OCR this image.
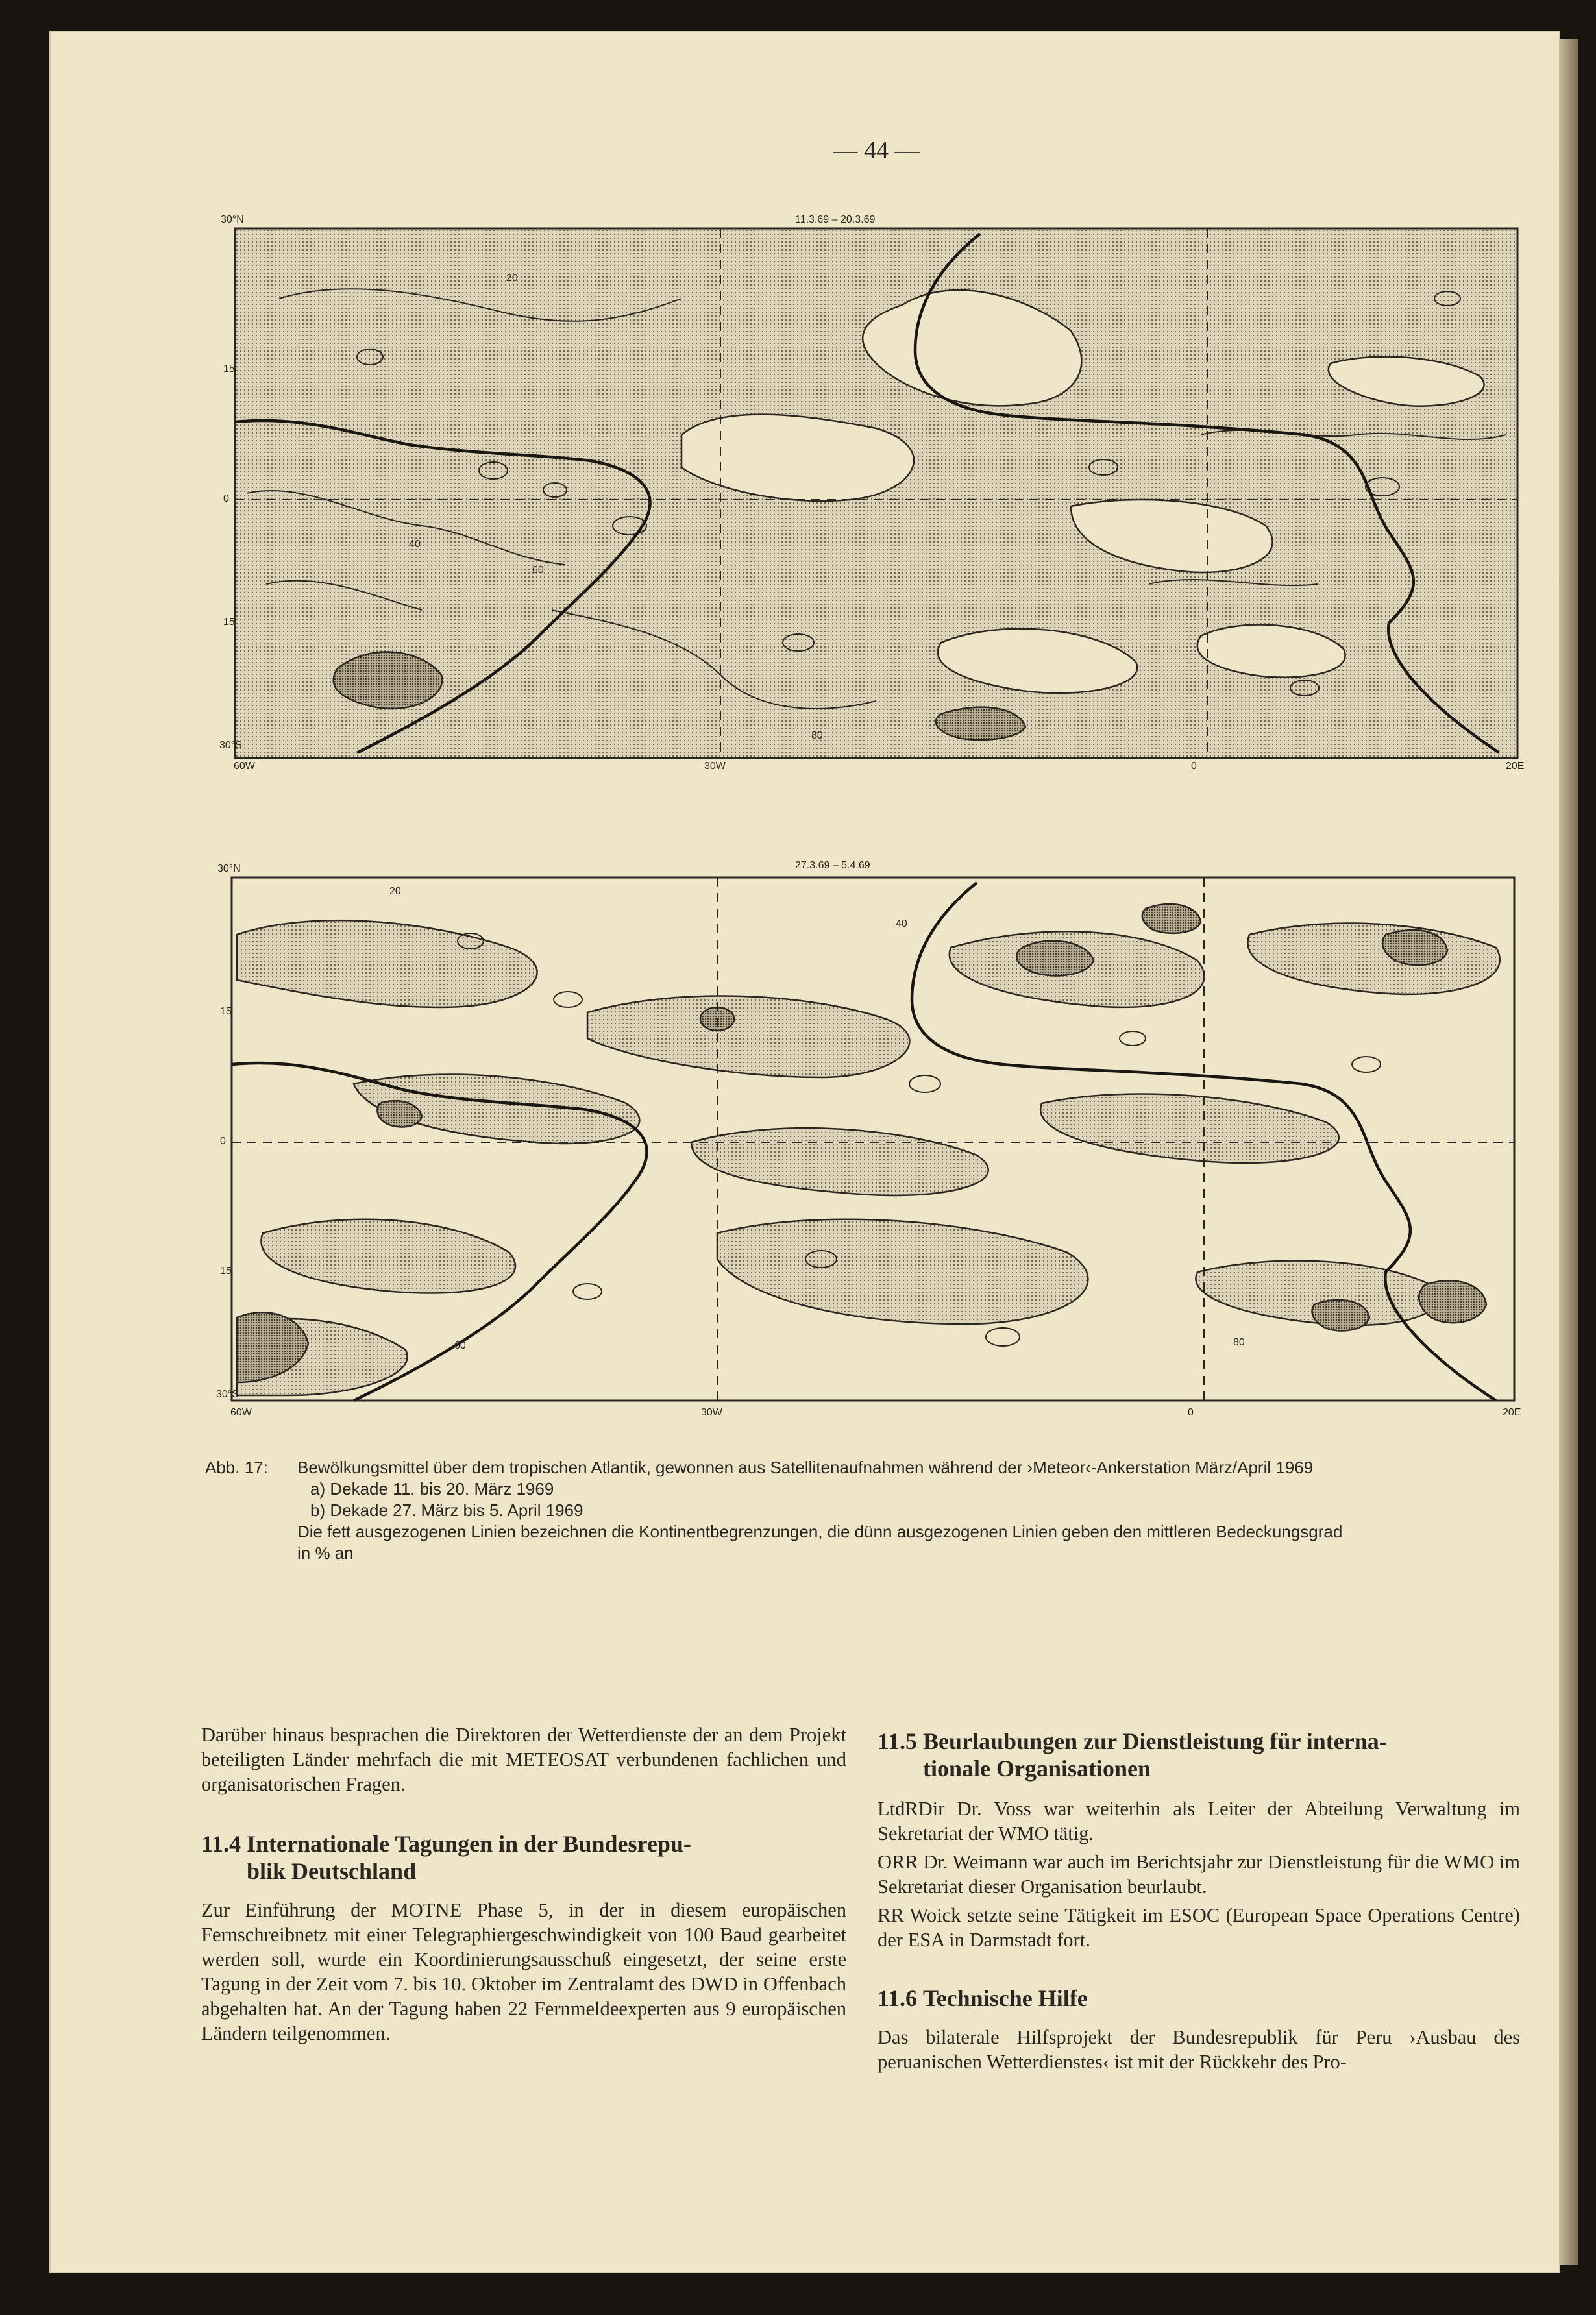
— 44 —
11.3.69 – 20.3.69
30°N
15
0
15
30°S
60W	30W	0	20E
20
40
60
80
27.3.69 – 5.4.69
30°N
15
0
15
30°S
60W	30W	0	20E
20
40
60	80
Abb. 17: Bewölkungsmittel über dem tropischen Atlantik, gewonnen aus Satellitenaufnahmen während der ›Meteor‹-Ankerstation März/April 1969
a) Dekade 11. bis 20. März 1969
b) Dekade 27. März bis 5. April 1969
Die fett ausgezogenen Linien bezeichnen die Kontinentbegrenzungen, die dünn ausgezogenen Linien geben den mittleren Bedeckungsgrad
in % an

Darüber hinaus besprachen die Direktoren der Wetterdienste der an dem Projekt beteiligten Länder mehrfach die mit METEOSAT verbundenen fachlichen und organisatorischen Fragen.

11.4 Internationale Tagungen in der Bundesrepu-
blik Deutschland

Zur Einführung der MOTNE Phase 5, in der in diesem europäischen Fernschreibnetz mit einer Telegraphiergeschwindigkeit von 100 Baud gearbeitet werden soll, wurde ein Koordinierungsausschuß eingesetzt, der seine erste Tagung in der Zeit vom 7. bis 10. Oktober im Zentralamt des DWD in Offenbach abgehalten hat. An der Tagung haben 22 Fernmeldeexperten aus 9 europäischen Ländern teilgenommen.

11.5 Beurlaubungen zur Dienstleistung für interna-
tionale Organisationen

LtdRDir Dr. Voss war weiterhin als Leiter der Abteilung Verwaltung im Sekretariat der WMO tätig.

ORR Dr. Weimann war auch im Berichtsjahr zur Dienstleistung für die WMO im Sekretariat dieser Organisation beurlaubt.

RR Woick setzte seine Tätigkeit im ESOC (European Space Operations Centre) der ESA in Darmstadt fort.

11.6 Technische Hilfe

Das bilaterale Hilfsprojekt der Bundesrepublik für Peru ›Ausbau des peruanischen Wetterdienstes‹ ist mit der Rückkehr des Pro-
